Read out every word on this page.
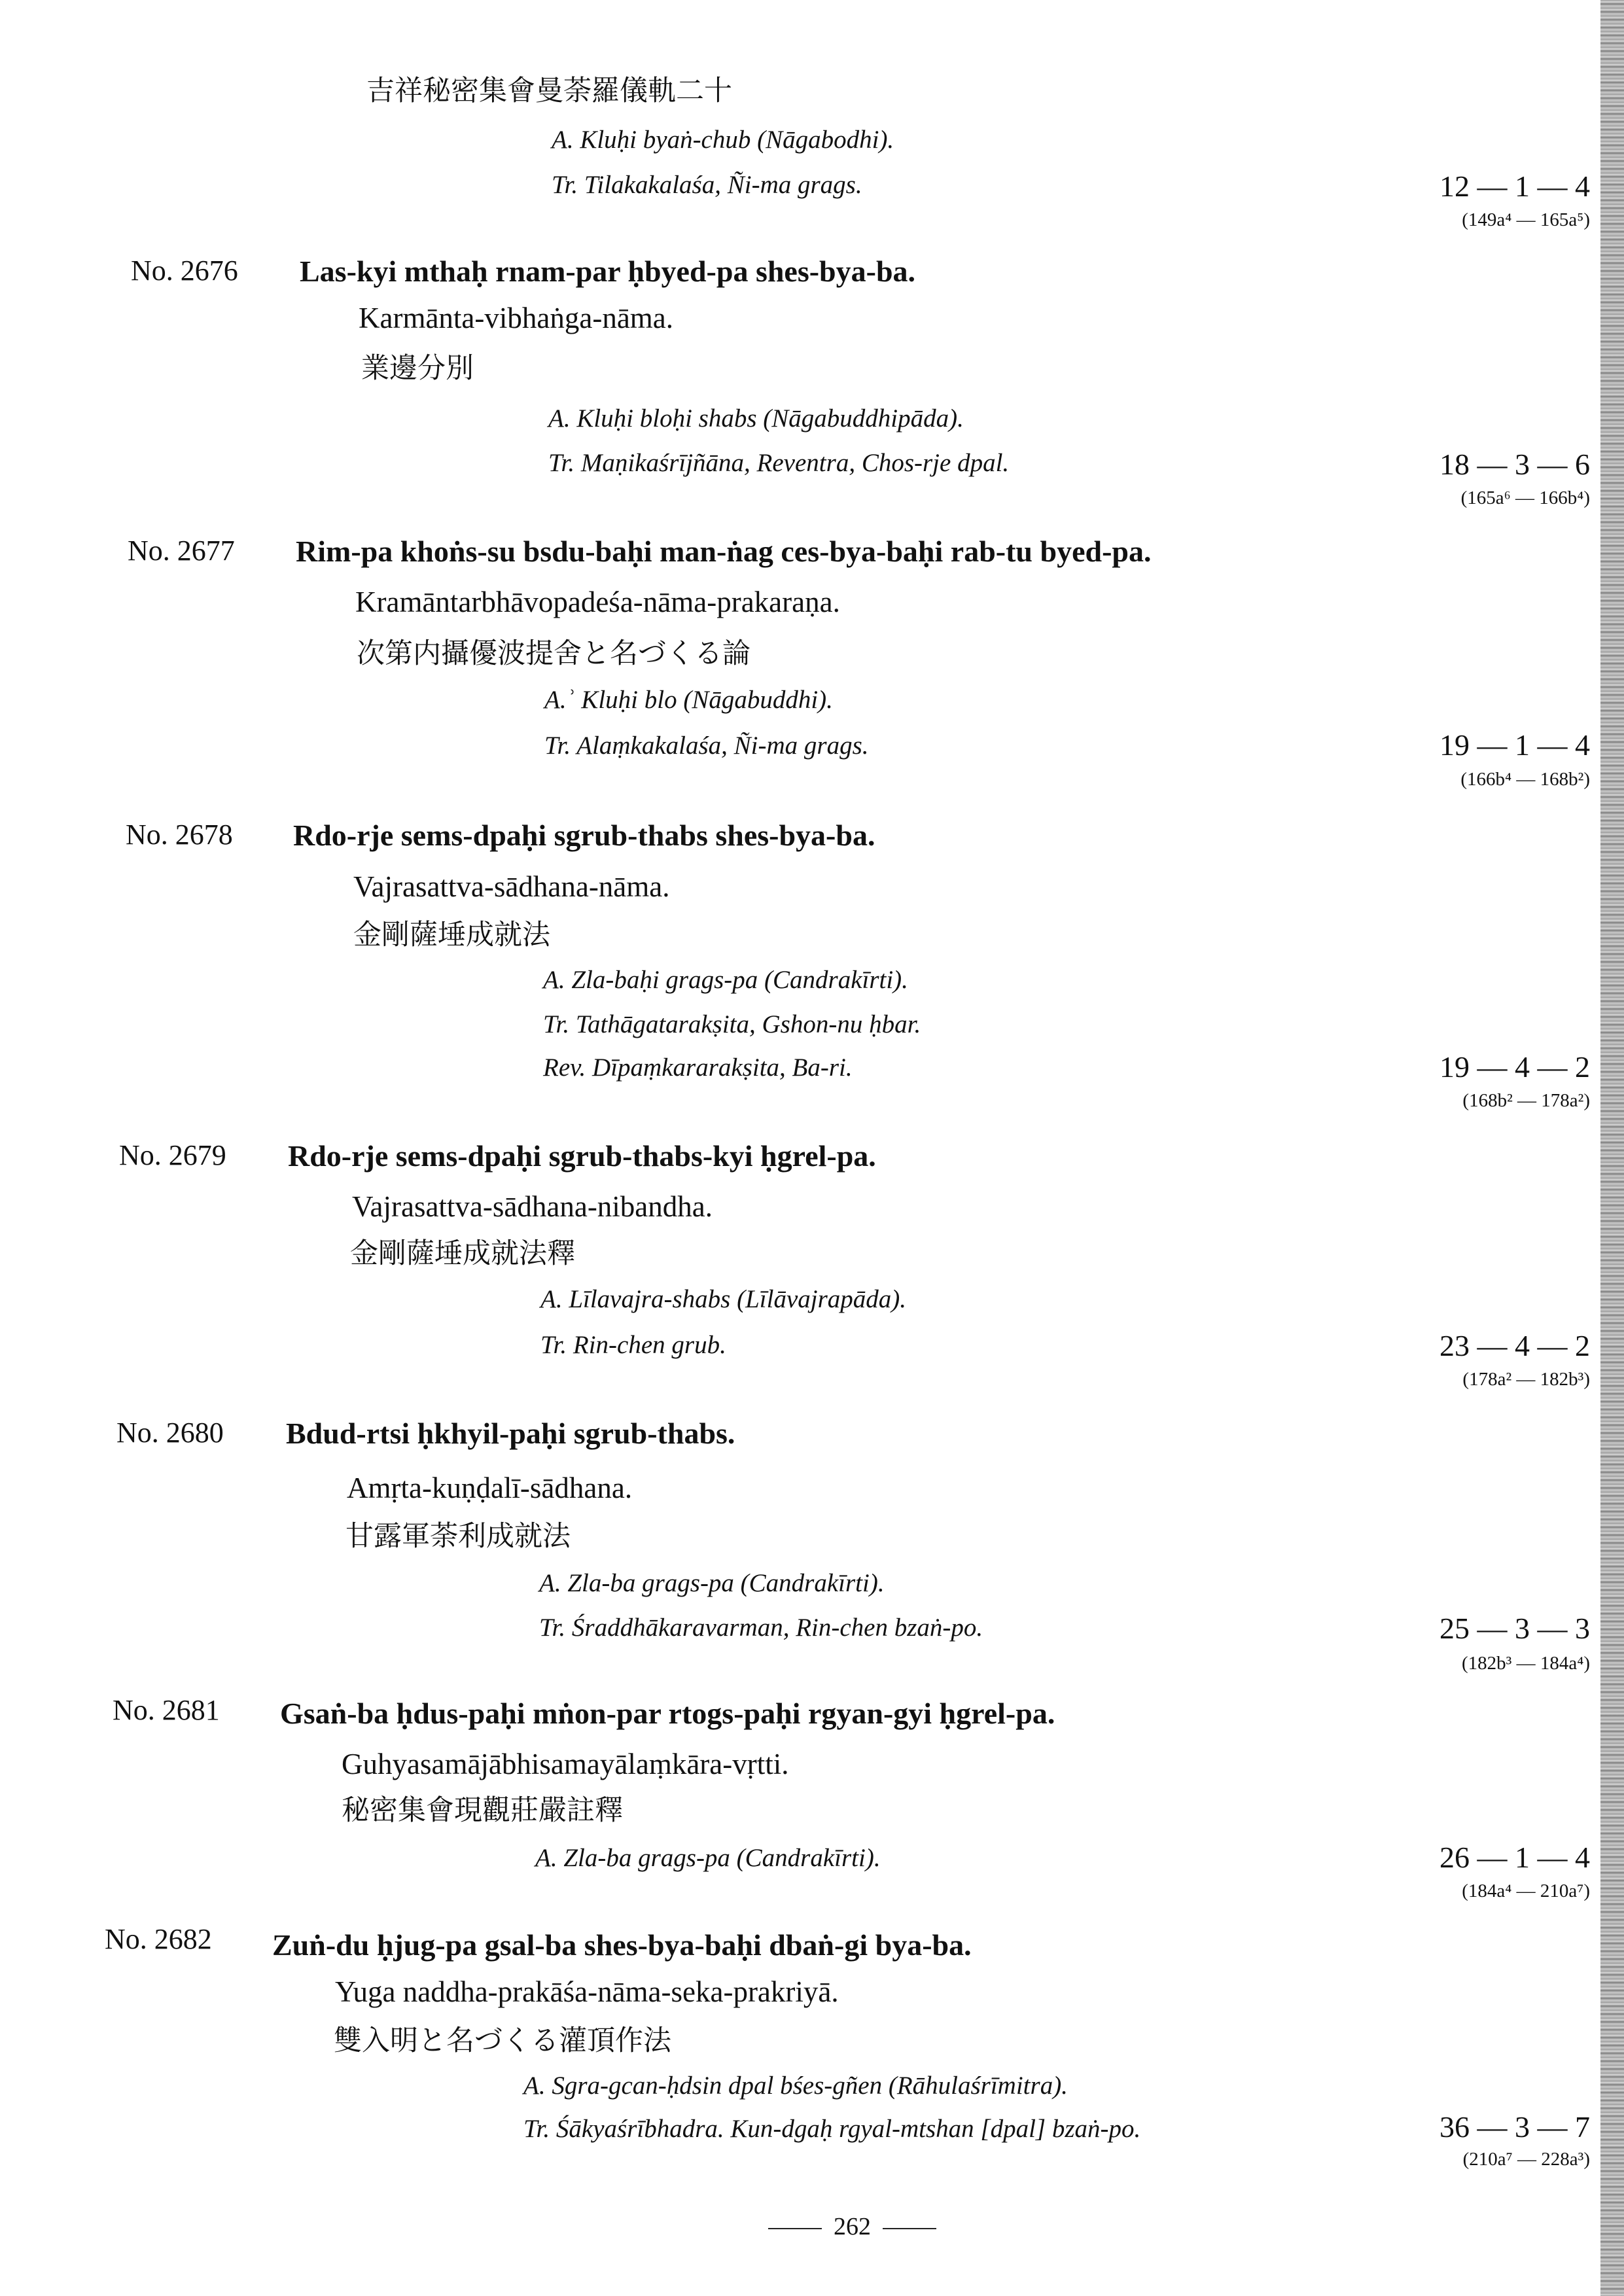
吉祥秘密集會曼荼羅儀軌二十
A. Kluḥi byaṅ-chub (Nāgabodhi).
Tr. Tilakakalaśa, Ñi-ma grags.	12 — 1 — 4
(149a⁴ — 165a⁵)
No. 2676 Las-kyi mthaḥ rnam-par ḥbyed-pa shes-bya-ba.
Karmānta-vibhaṅga-nāma.
業邊分別
A. Kluḥi bloḥi shabs (Nāgabuddhipāda).
Tr. Maṇikaśrījñāna, Reventra, Chos-rje dpal.	18 — 3 — 6
(165a⁶ — 166b⁴)
No. 2677 Rim-pa khoṅs-su bsdu-baḥi man-ṅag ces-bya-baḥi rab-tu byed-pa.
Kramāntarbhāvopadeśa-nāma-prakaraṇa.
次第内攝優波提舍と名づくる論
A.ʾ Kluḥi blo (Nāgabuddhi).
Tr. Alaṃkakalaśa, Ñi-ma grags.	19 — 1 — 4
(166b⁴ — 168b²)
No. 2678 Rdo-rje sems-dpaḥi sgrub-thabs shes-bya-ba.
Vajrasattva-sādhana-nāma.
金剛薩埵成就法
A. Zla-baḥi grags-pa (Candrakīrti).
Tr. Tathāgatarakṣita, Gshon-nu ḥbar.
Rev. Dīpaṃkararakṣita, Ba-ri.	19 — 4 — 2
(168b² — 178a²)
No. 2679 Rdo-rje sems-dpaḥi sgrub-thabs-kyi ḥgrel-pa.
Vajrasattva-sādhana-nibandha.
金剛薩埵成就法釋
A. Līlavajra-shabs (Līlāvajrapāda).
Tr. Rin-chen grub.	23 — 4 — 2
(178a² — 182b³)
No. 2680 Bdud-rtsi ḥkhyil-paḥi sgrub-thabs.
Amṛta-kuṇḍalī-sādhana.
甘露軍荼利成就法
A. Zla-ba grags-pa (Candrakīrti).
Tr. Śraddhākaravarman, Rin-chen bzaṅ-po.	25 — 3 — 3
(182b³ — 184a⁴)
No. 2681 Gsaṅ-ba ḥdus-paḥi mṅon-par rtogs-paḥi rgyan-gyi ḥgrel-pa.
Guhyasamājābhisamayālaṃkāra-vṛtti.
秘密集會現觀莊嚴註釋
A. Zla-ba grags-pa (Candrakīrti).	26 — 1 — 4
(184a⁴ — 210a⁷)
No. 2682 Zuṅ-du ḥjug-pa gsal-ba shes-bya-baḥi dbaṅ-gi bya-ba.
Yuga naddha-prakāśa-nāma-seka-prakriyā.
雙入明と名づくる灌頂作法
A. Sgra-gcan-ḥdsin dpal bśes-gñen (Rāhulaśrīmitra).
Tr. Śākyaśrībhadra. Kun-dgaḥ rgyal-mtshan [dpal] bzaṅ-po.	36 — 3 — 7
(210a⁷ — 228a³)
262
